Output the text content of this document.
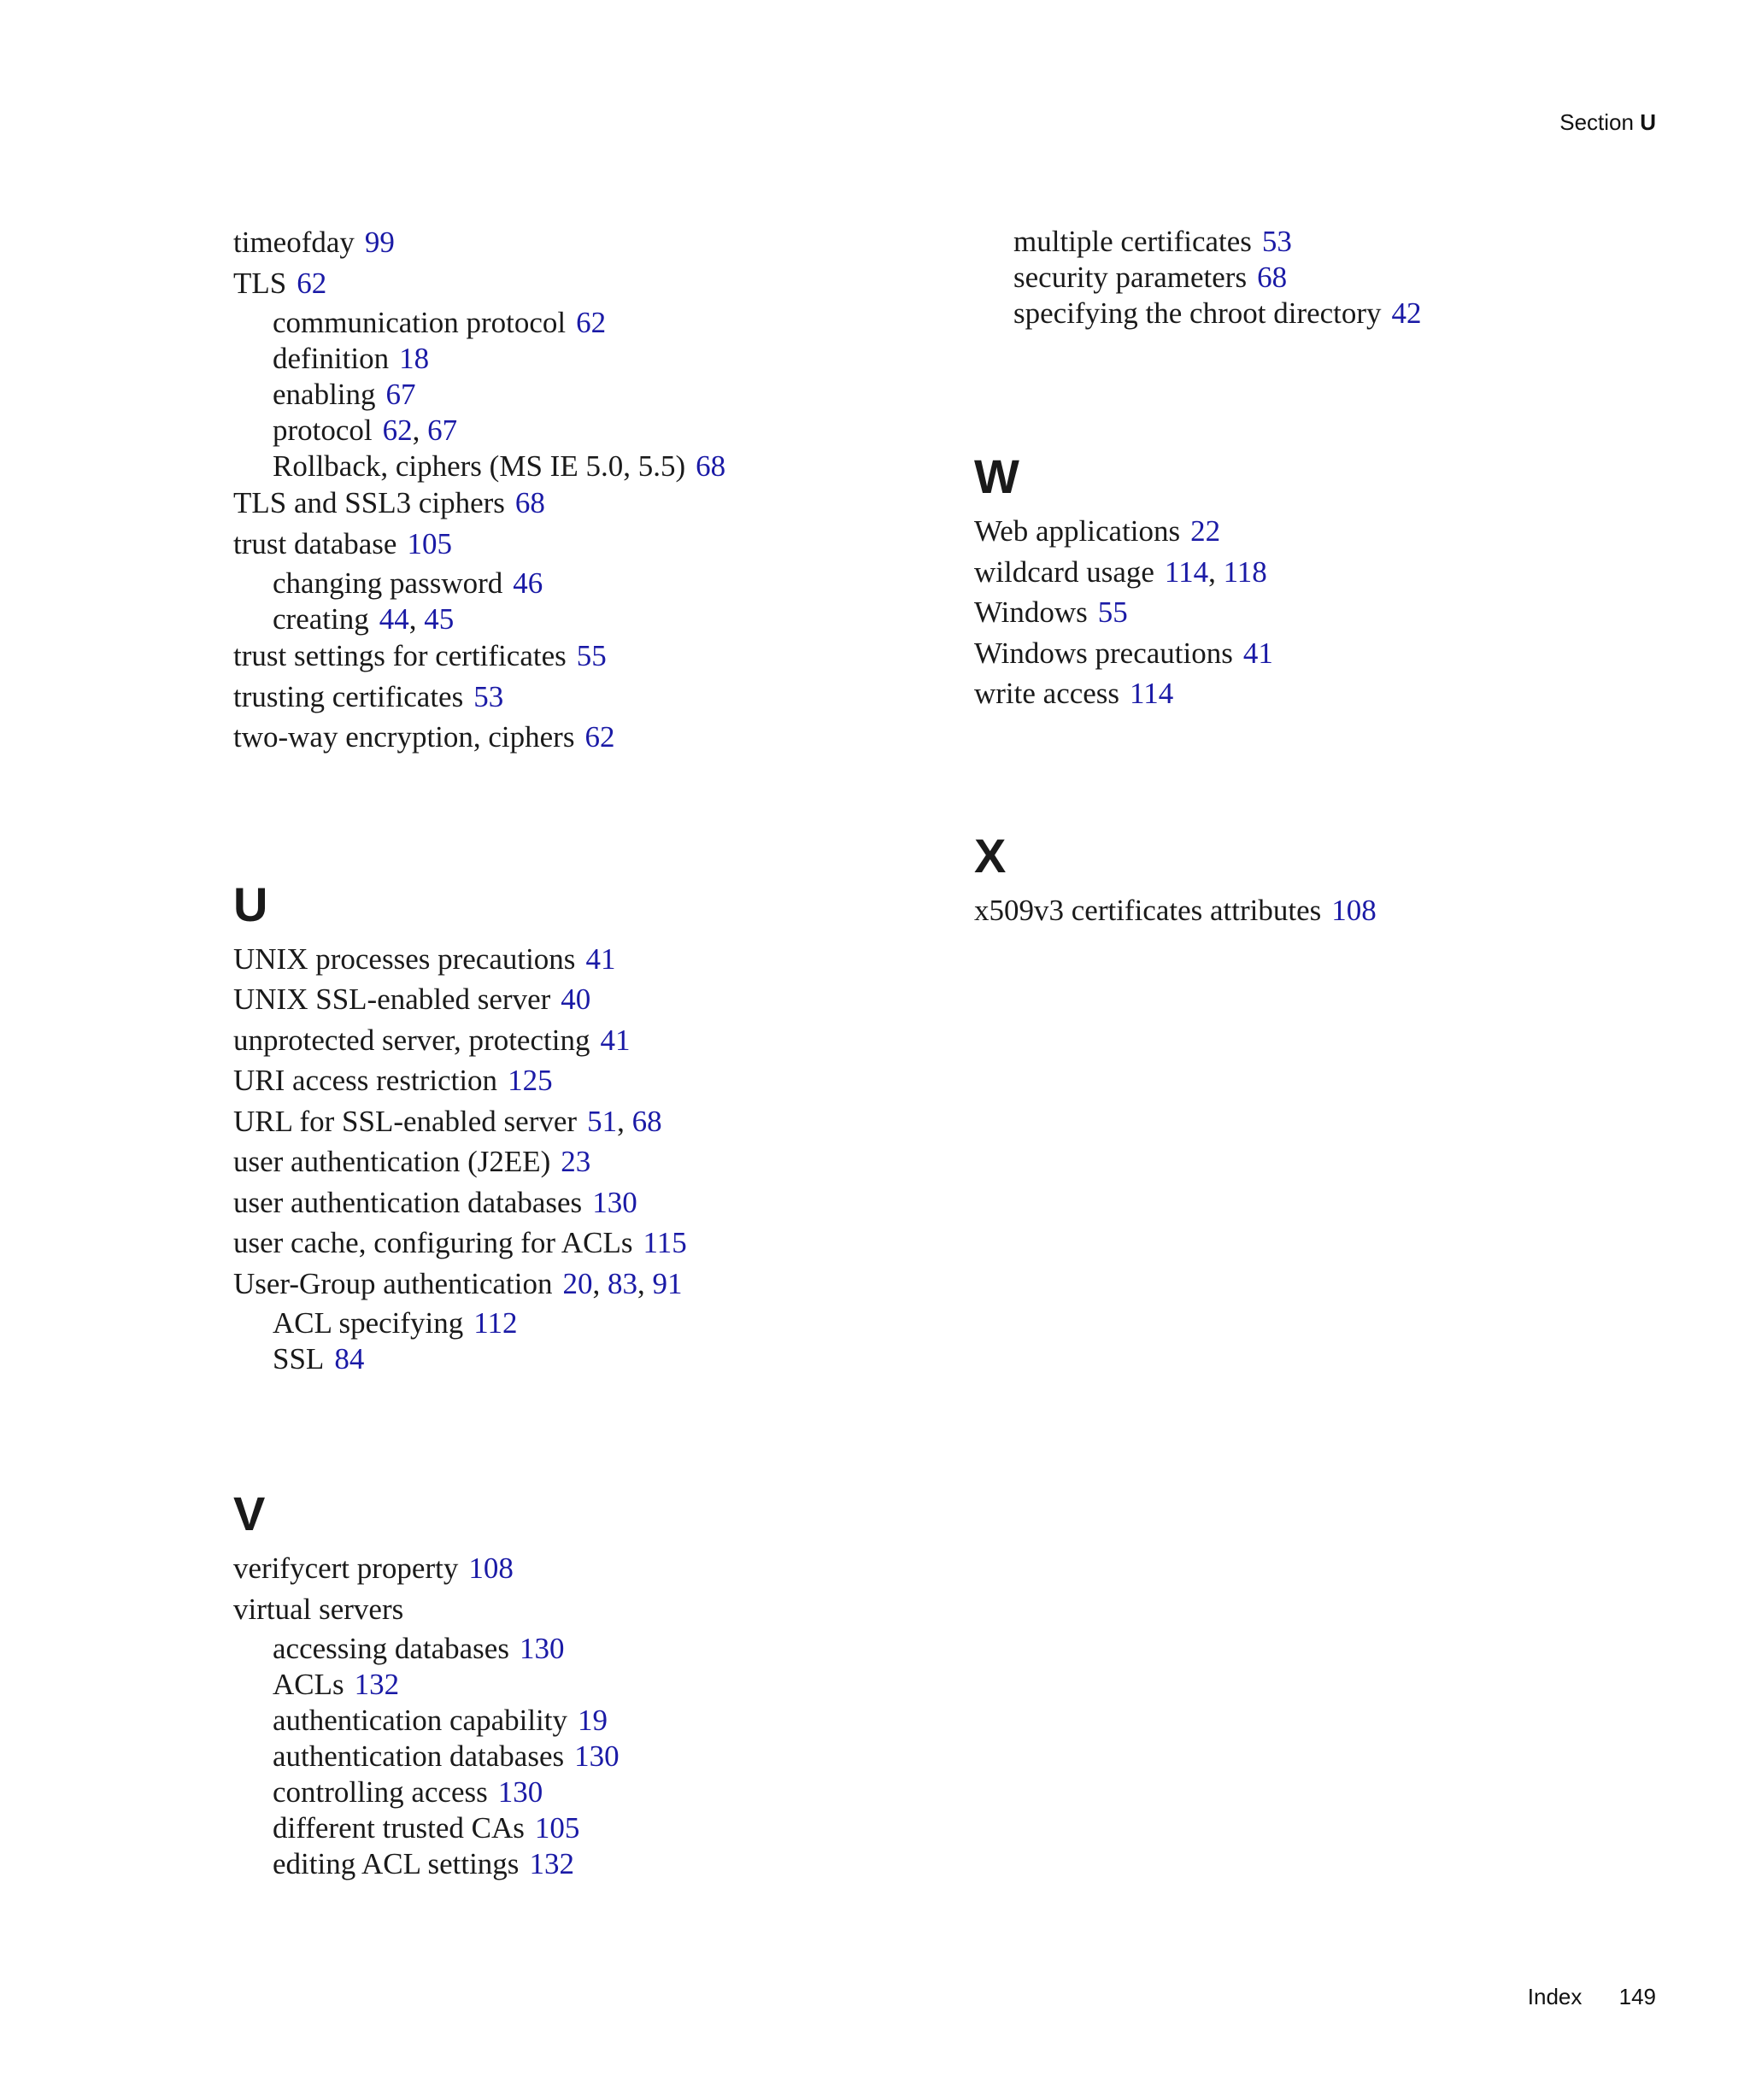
Section U
timeofday 99
TLS 62
communication protocol 62
definition 18
enabling 67
protocol 62, 67
Rollback, ciphers (MS IE 5.0, 5.5) 68
TLS and SSL3 ciphers 68
trust database 105
changing password 46
creating 44, 45
trust settings for certificates 55
trusting certificates 53
two-way encryption, ciphers 62
U
UNIX processes precautions 41
UNIX SSL-enabled server 40
unprotected server, protecting 41
URI access restriction 125
URL for SSL-enabled server 51, 68
user authentication (J2EE) 23
user authentication databases 130
user cache, configuring for ACLs 115
User-Group authentication 20, 83, 91
ACL specifying 112
SSL 84
V
verifycert property 108
virtual servers
accessing databases 130
ACLs 132
authentication capability 19
authentication databases 130
controlling access 130
different trusted CAs 105
editing ACL settings 132
multiple certificates 53
security parameters 68
specifying the chroot directory 42
W
Web applications 22
wildcard usage 114, 118
Windows 55
Windows precautions 41
write access 114
X
x509v3 certificates attributes 108
Index 149
